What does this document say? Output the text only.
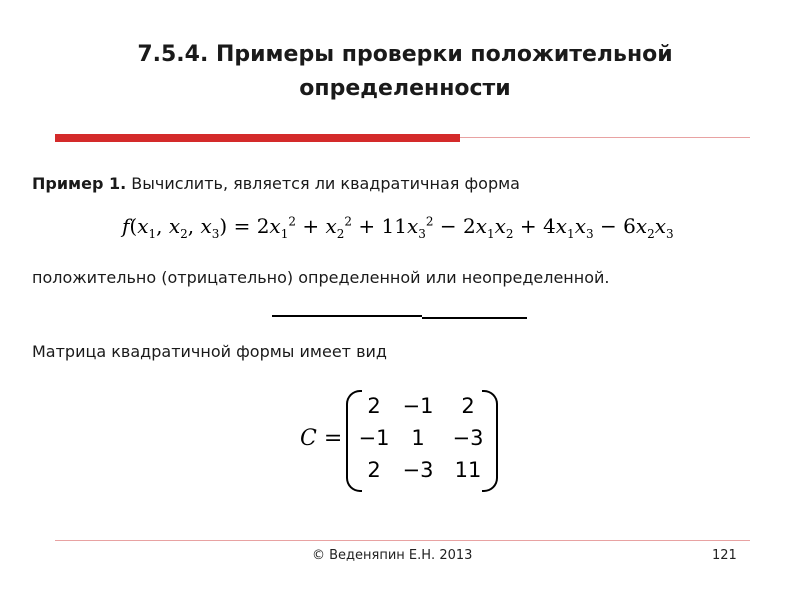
7.5.4. Примеры проверки положительной определенности
Пример 1. Вычислить, является ли квадратичная форма
$f(x_1$, $x_2$, $x_3) = 2x_1^2 + x_2^2 + 11x_3^2 - 2x_1x_2 + 4x_1x_3 - 6x_2x_3$
положительно (отрицательно) определенной или неопределенной.
Матрица квадратичной формы имеет вид
C =
2	−1	2
−1	1	−3
2	−3	11
© Веденяпин Е.Н. 2013	121
